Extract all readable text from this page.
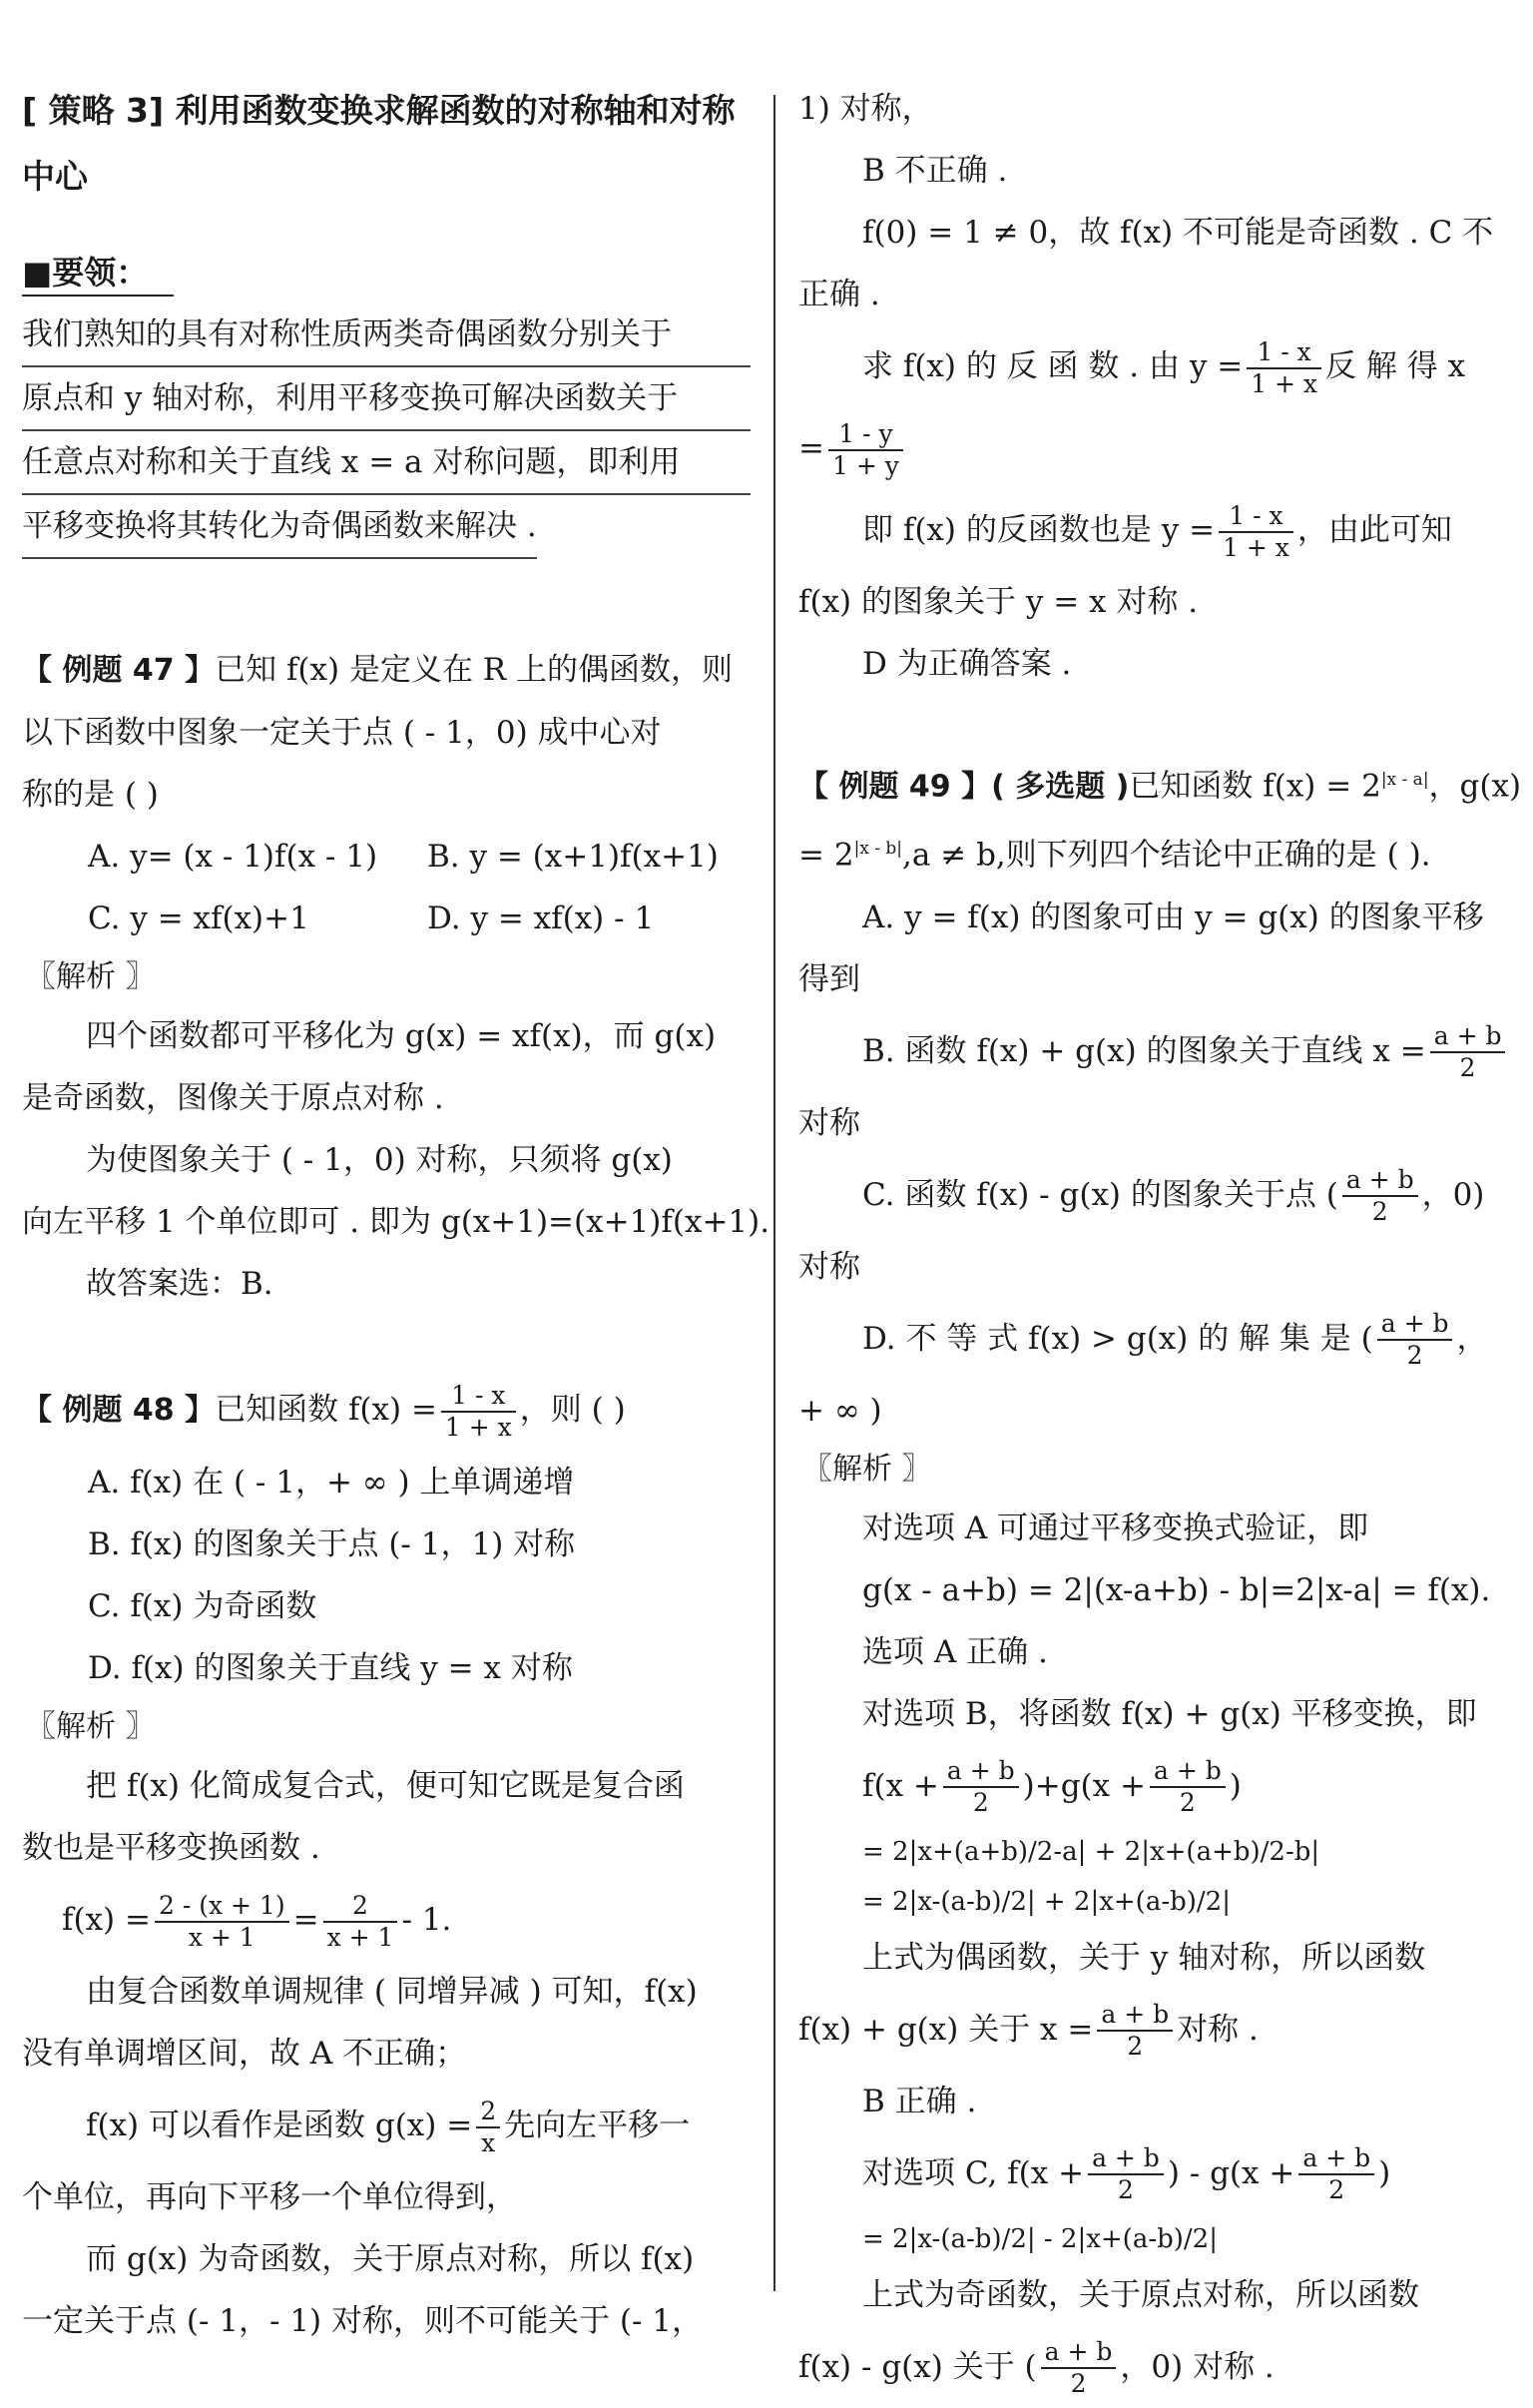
[ 策略 3] 利用函数变换求解函数的对称轴和对称
中心
■要领：
我们熟知的具有对称性质两类奇偶函数分别关于
原点和 y 轴对称，利用平移变换可解决函数关于
任意点对称和关于直线 x = a 对称问题，即利用
平移变换将其转化为奇偶函数来解决 .
【 例题 47 】已知 f(x) 是定义在 R 上的偶函数，则
以下函数中图象一定关于点 ( - 1，0) 成中心对
称的是 ( )
A. y= (x - 1)f(x - 1) B. y = (x+1)f(x+1)
C. y = xf(x)+1	D. y = xf(x) - 1
〖解析 〗
四个函数都可平移化为 g(x) = xf(x)，而 g(x)
是奇函数，图像关于原点对称 .
为使图象关于 ( - 1，0) 对称，只须将 g(x)
向左平移 1 个单位即可 . 即为 g(x+1)=(x+1)f(x+1).
故答案选：B.
【 例题 48 】已知函数 $f(x) = \frac{1 - x}{1 + x}$ ，则 ( )
A. f(x) 在 ( - 1，+ ∞ ) 上单调递增
B. f(x) 的图象关于点 (- 1，1) 对称
C. f(x) 为奇函数
D. f(x) 的图象关于直线 y = x 对称
〖解析 〗
把 f(x) 化简成复合式，便可知它既是复合函
数也是平移变换函数 .
$f(x) = \frac{2 - (x + 1)}{x + 1} = \frac{2}{x + 1} - 1$.
由复合函数单调规律 ( 同增异减 ) 可知，f(x)
没有单调增区间，故 A 不正确；
f(x) 可以看作是函数 $g(x) = \frac{2}{x}$ 先向左平移一
个单位，再向下平移一个单位得到，
而 g(x) 为奇函数，关于原点对称，所以 f(x)
一定关于点 (- 1，- 1) 对称，则不可能关于 (- 1，
1) 对称，
B 不正确 .
f(0) = 1 ≠ 0，故 f(x) 不可能是奇函数 . C 不
正确 .
求 f(x) 的 反 函 数 . 由 $y = \frac{1 - x}{1 + x}$ 反 解 得 x
= $\frac{1 - y}{1 + y}$
即 f(x) 的反函数也是 $y = \frac{1 - x}{1 + x}$ ，由此可知
f(x) 的图象关于 y = x 对称 .
D 为正确答案 .
【 例题 49 】( 多选题 )已知函数 $f(x) = 2^{|x - a|}$，g(x)
= $2^{|x - b|},a \ne b$,则下列四个结论中正确的是 ( ).
A. y = f(x) 的图象可由 y = g(x) 的图象平移
得到
B. 函数 f(x) + g(x) 的图象关于直线 $x = \frac{a + b}{2}$
对称
C. 函数 f(x) - g(x) 的图象关于点 ( $\frac{a + b}{2}$ ，0)
对称
D. 不 等 式 f(x) > g(x) 的 解 集 是 ( $\frac{a + b}{2}$ ，
+ ∞ )
〖解析 〗
对选项 A 可通过平移变换式验证，即
g(x - a+b) = 2|(x-a+b) - b|=2|x-a| = f(x).
选项 A 正确 .
对选项 B，将函数 f(x) + g(x) 平移变换，即
$f(x + \frac{a + b}{2} )+g(x + \frac{a + b}{2}$ )
= 2|x+(a+b)/2-a| + 2|x+(a+b)/2-b|
= 2|x-(a-b)/2| + 2|x+(a-b)/2|
上式为偶函数，关于 y 轴对称，所以函数
f(x) + g(x) 关于 $x = \frac{a + b}{2}$ 对称 .
B 正确 .
对选项 C, $f(x + \frac{a + b}{2}$ ) - $g(x + \frac{a + b}{2}$ )
= 2|x-(a-b)/2| - 2|x+(a-b)/2|
上式为奇函数，关于原点对称，所以函数
f(x) - g(x) 关于 ( $\frac{a + b}{2}$ ，0) 对称 .
